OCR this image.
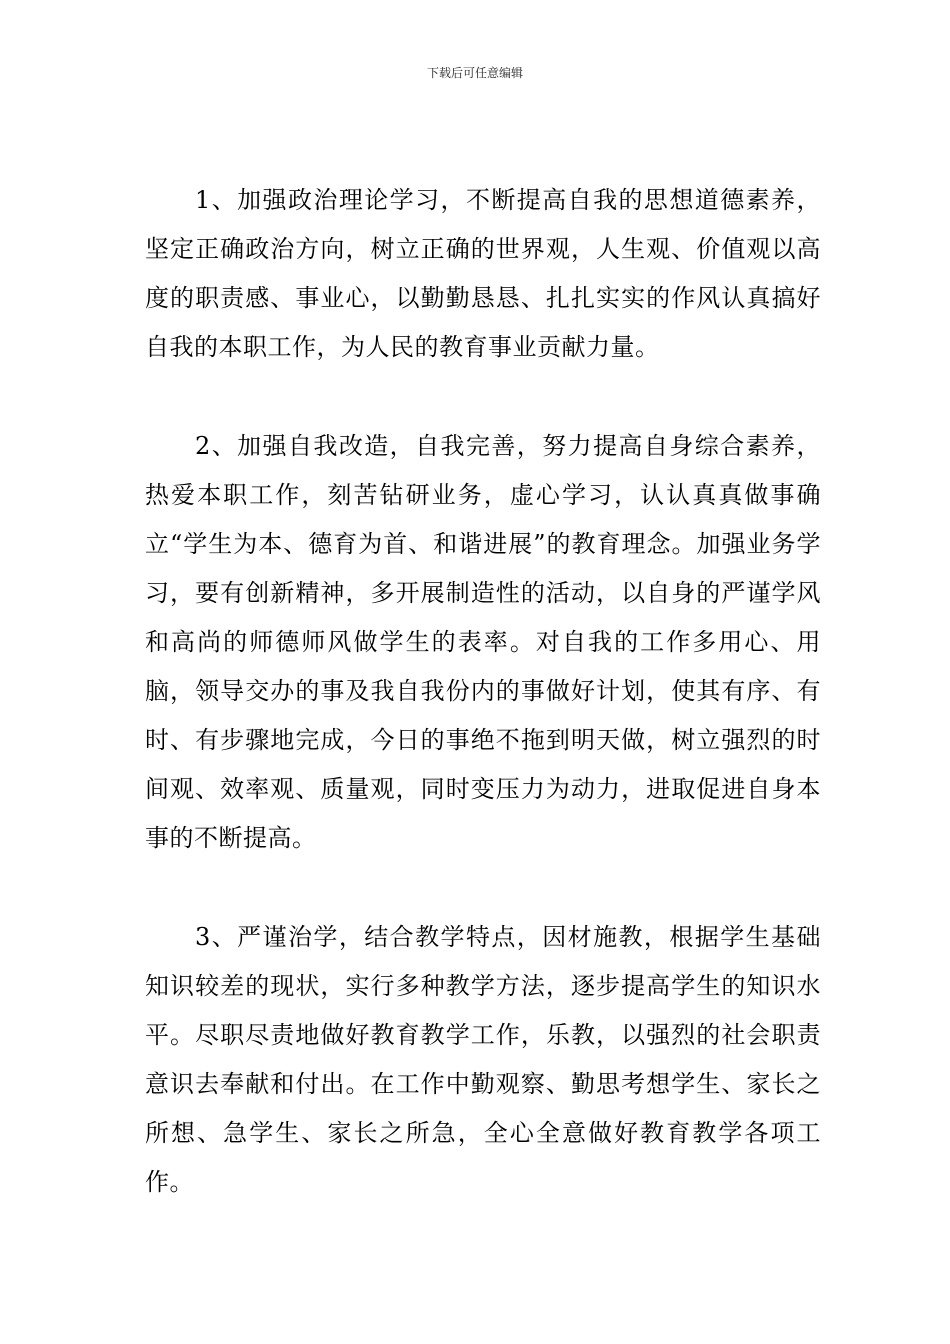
下载后可任意编辑

1、加强政治理论学习，不断提高自我的思想道德素养，坚定正确政治方向，树立正确的世界观，人生观、价值观以高度的职责感、事业心，以勤勤恳恳、扎扎实实的作风认真搞好自我的本职工作，为人民的教育事业贡献力量。

2、加强自我改造，自我完善，努力提高自身综合素养，热爱本职工作，刻苦钻研业务，虚心学习，认认真真做事确立“学生为本、德育为首、和谐进展”的教育理念。加强业务学习，要有创新精神，多开展制造性的活动，以自身的严谨学风和高尚的师德师风做学生的表率。对自我的工作多用心、用脑，领导交办的事及我自我份内的事做好计划，使其有序、有时、有步骤地完成，今日的事绝不拖到明天做，树立强烈的时间观、效率观、质量观，同时变压力为动力，进取促进自身本事的不断提高。

3、严谨治学，结合教学特点，因材施教，根据学生基础知识较差的现状，实行多种教学方法，逐步提高学生的知识水平。尽职尽责地做好教育教学工作，乐教，以强烈的社会职责意识去奉献和付出。在工作中勤观察、勤思考想学生、家长之所想、急学生、家长之所急，全心全意做好教育教学各项工作。
